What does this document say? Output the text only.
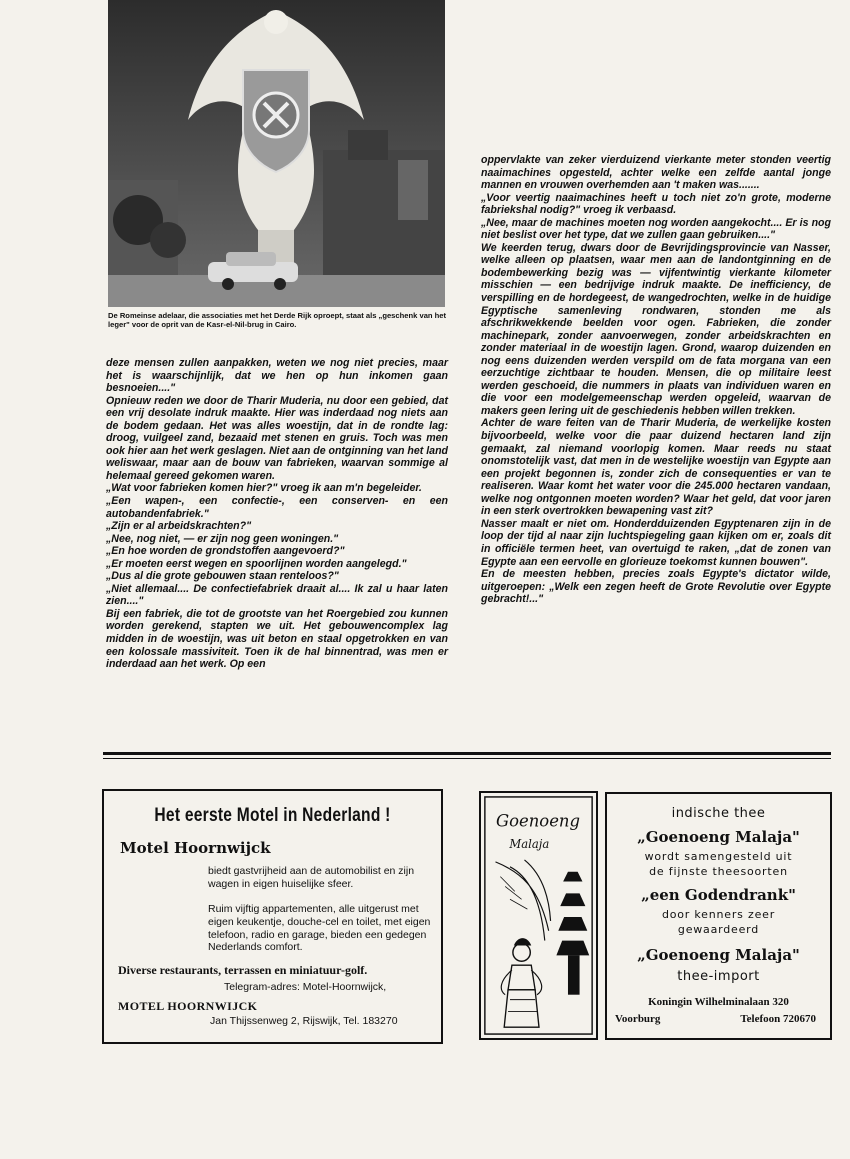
De Romeinse adelaar, die associaties met het Derde Rijk oproept, staat als „geschenk van het leger" voor de oprit van de Kasr-el-Nil-brug in Cairo.

deze mensen zullen aanpakken, weten we nog niet precies, maar het is waarschijnlijk, dat we hen op hun inkomen gaan besnoeien...."

Opnieuw reden we door de Tharir Muderia, nu door een gebied, dat een vrij desolate indruk maakte. Hier was inderdaad nog niets aan de bodem gedaan. Het was alles woestijn, dat in de rondte lag: droog, vuilgeel zand, bezaaid met stenen en gruis. Toch was men ook hier aan het werk geslagen. Niet aan de ontginning van het land weliswaar, maar aan de bouw van fabrieken, waarvan sommige al helemaal gereed gekomen waren.

„Wat voor fabrieken komen hier?" vroeg ik aan m'n begeleider.

„Een wapen-, een confectie-, een conserven- en een autobandenfabriek."

„Zijn er al arbeidskrachten?"

„Nee, nog niet, — er zijn nog geen woningen."

„En hoe worden de grondstoffen aangevoerd?"

„Er moeten eerst wegen en spoorlijnen worden aangelegd."

„Dus al die grote gebouwen staan renteloos?"

„Niet allemaal.... De confectiefabriek draait al.... Ik zal u haar laten zien...."

Bij een fabriek, die tot de grootste van het Roergebied zou kunnen worden gerekend, stapten we uit. Het gebouwencomplex lag midden in de woestijn, was uit beton en staal opgetrokken en van een kolossale massiviteit. Toen ik de hal binnentrad, was men er inderdaad aan het werk. Op een

oppervlakte van zeker vierduizend vierkante meter stonden veertig naaimachines opgesteld, achter welke een zelfde aantal jonge mannen en vrouwen overhemden aan 't maken was.......

„Voor veertig naaimachines heeft u toch niet zo'n grote, moderne fabriekshal nodig?" vroeg ik verbaasd.

„Nee, maar de machines moeten nog worden aangekocht.... Er is nog niet beslist over het type, dat we zullen gaan gebruiken...."

We keerden terug, dwars door de Bevrijdingsprovincie van Nasser, welke alleen op plaatsen, waar men aan de landontginning en de bodembewerking bezig was — vijfentwintig vierkante kilometer misschien — een bedrijvige indruk maakte. De inefficiency, de verspilling en de hordegeest, de wangedrochten, welke in de huidige Egyptische samenleving rondwaren, stonden me als afschrikwekkende beelden voor ogen. Fabrieken, die zonder machinepark, zonder aanvoerwegen, zonder arbeidskrachten en zonder materiaal in de woestijn lagen. Grond, waarop duizenden en nog eens duizenden werden verspild om de fata morgana van een eerzuchtige zichtbaar te houden. Mensen, die op militaire leest werden geschoeid, die nummers in plaats van individuen waren en die voor een modelgemeenschap werden opgeleid, waarvan de makers geen lering uit de geschiedenis hebben willen trekken.

Achter de ware feiten van de Tharir Muderia, de werkelijke kosten bijvoorbeeld, welke voor die paar duizend hectaren land zijn gemaakt, zal niemand voorlopig komen. Maar reeds nu staat onomstotelijk vast, dat men in de westelijke woestijn van Egypte aan een projekt begonnen is, zonder zich de consequenties er van te realiseren. Waar komt het water voor die 245.000 hectaren vandaan, welke nog ontgonnen moeten worden? Waar het geld, dat voor jaren in een sterk overtrokken bewapening vast zit?

Nasser maalt er niet om. Honderdduizenden Egyptenaren zijn in de loop der tijd al naar zijn luchtspiegeling gaan kijken om er, zoals dit in officiële termen heet, van overtuigd te raken, „dat de zonen van Egypte aan een eervolle en glorieuze toekomst kunnen bouwen".

En de meesten hebben, precies zoals Egypte's dictator wilde, uitgeroepen: „Welk een zegen heeft de Grote Revolutie over Egypte gebracht!..."

Het eerste Motel in Nederland !
Motel Hoornwijck
biedt gastvrijheid aan de automobilist en zijn wagen in eigen huiselijke sfeer.
Ruim vijftig appartementen, alle uitgerust met eigen keukentje, douche-cel en toilet, met eigen telefoon, radio en garage, bieden een gedegen Nederlands comfort.
Diverse restaurants, terrassen en miniatuur-golf.
Telegram-adres: Motel-Hoornwijck,
MOTEL HOORNWIJCK
Jan Thijssenweg 2, Rijswijk, Tel. 183270
Goenoeng
Malaja
indische thee
„Goenoeng Malaja"
wordt samengesteld uit
de fijnste theesoorten
„een Godendrank"
door kenners zeer
gewaardeerd
„Goenoeng Malaja"
thee-import
Koningin Wilhelminalaan 320
Voorburg	Telefoon 720670
